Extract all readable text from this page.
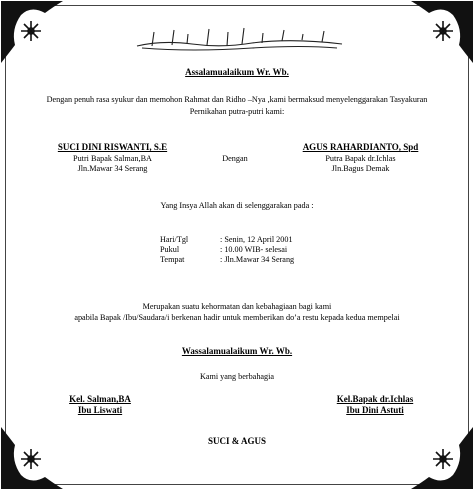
Assalamualaikum Wr. Wb.
Dengan penuh rasa syukur dan memohon Rahmat dan Ridho –Nya ,kami bermaksud menyelenggarakan Tasyakuran
Pernikahan putra-putri kami:
SUCI DINI RISWANTI, S.E
Putri Bapak Salman,BA
Jln.Mawar 34 Serang
Dengan
AGUS RAHARDIANTO, Spd
Putra Bapak dr.Ichlas
Jln.Bagus Demak
Yang Insya Allah akan di selenggarakan pada :
Hari/Tgl	: Senin, 12 April 2001
Pukul	: 10.00 WIB- selesai
Tempat	: Jln.Mawar 34 Serang
Merupakan suatu kehormatan dan kebahagiaan bagi kami
apabila Bapak /Ibu/Saudara/i berkenan hadir untuk memberikan do’a restu kepada kedua mempelai
Wassalamualaikum Wr. Wb.
Kami yang berbahagia
Kel. Salman,BA
Ibu Liswati
Kel.Bapak dr.Ichlas
Ibu Dini Astuti
SUCI & AGUS
